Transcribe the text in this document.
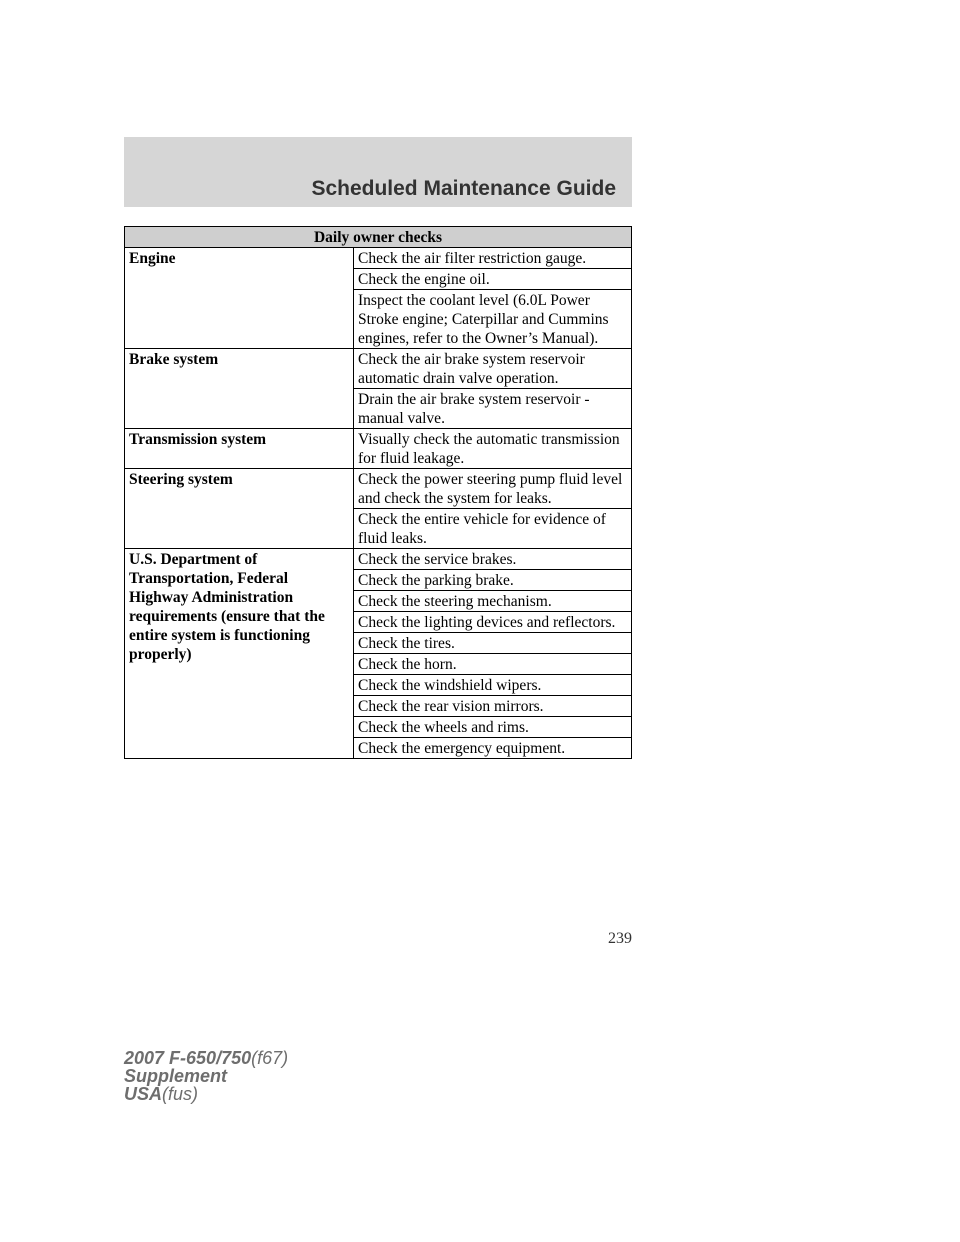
Scheduled Maintenance Guide
Daily owner checks	
Engine	Check the air filter restriction gauge.
	Check the engine oil.
	Inspect the coolant level (6.0L Power Stroke engine; Caterpillar and Cummins engines, refer to the Owner’s Manual).
Brake system	Check the air brake system reservoir automatic drain valve operation.
	Drain the air brake system reservoir - manual valve.
Transmission system	Visually check the automatic transmission for fluid leakage.
Steering system	Check the power steering pump fluid level and check the system for leaks.
	Check the entire vehicle for evidence of fluid leaks.
U.S. Department of Transportation, Federal Highway Administration requirements (ensure that the entire system is functioning properly)	Check the service brakes.
	Check the parking brake.
	Check the steering mechanism.
	Check the lighting devices and reflectors.
	Check the tires.
	Check the horn.
	Check the windshield wipers.
	Check the rear vision mirrors.
	Check the wheels and rims.
	Check the emergency equipment.
239
2007 F-650/750(f67)
Supplement
USA(fus)
